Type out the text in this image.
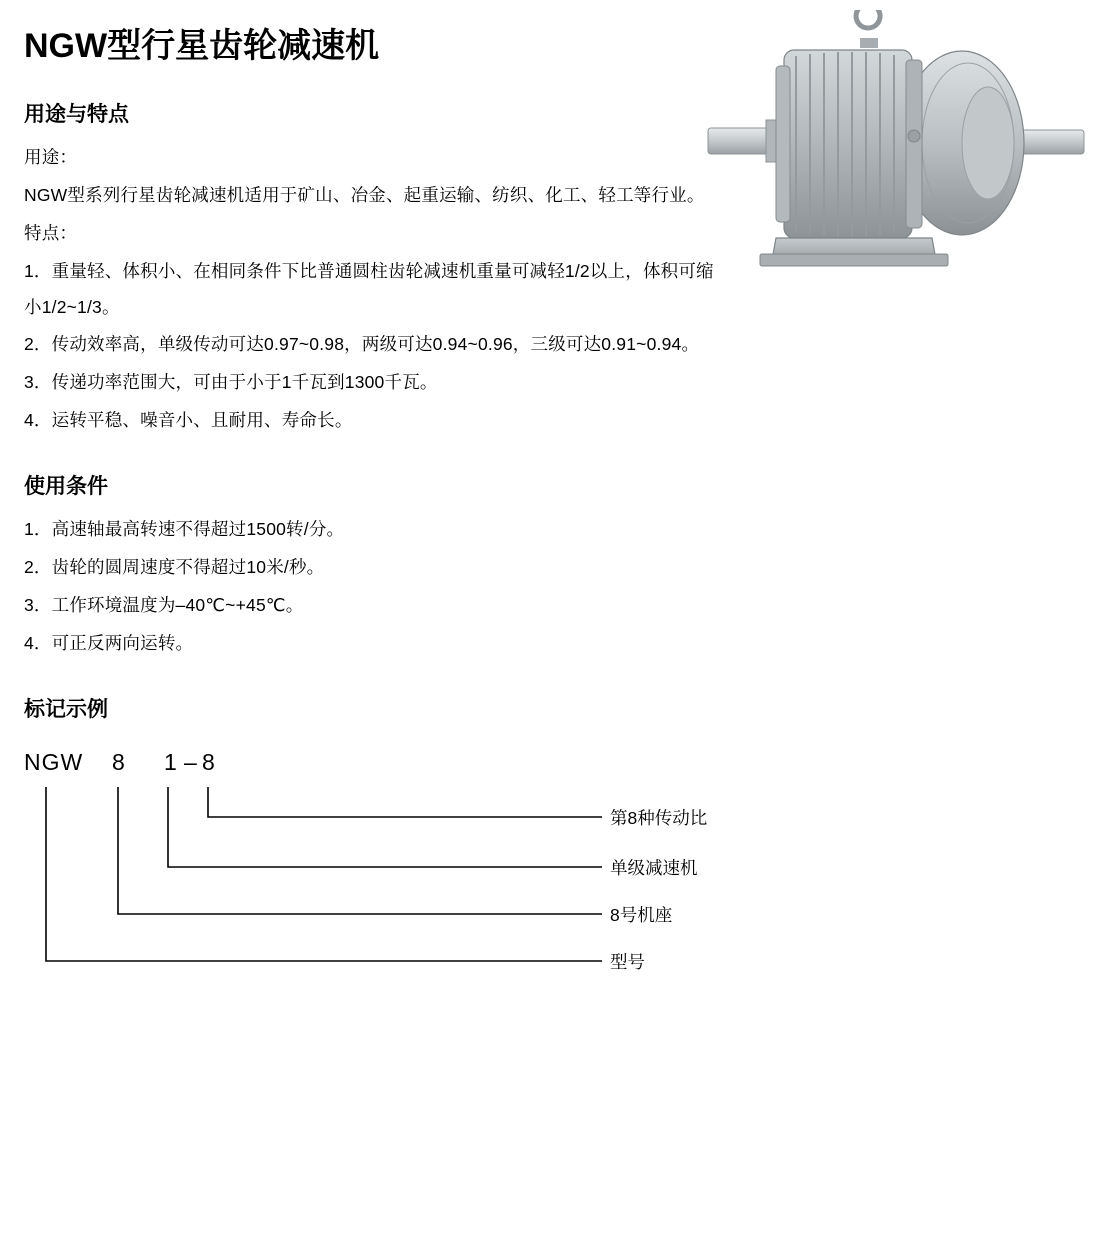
NGW型行星齿轮减速机
用途与特点

用途：

NGW型系列行星齿轮减速机适用于矿山、冶金、起重运输、纺织、化工、轻工等行业。

特点：

1．重量轻、体积小、在相同条件下比普通圆柱齿轮减速机重量可减轻1/2以上，体积可缩小1/2~1/3。

2．传动效率高，单级传动可达0.97~0.98，两级可达0.94~0.96，三级可达0.91~0.94。

3．传递功率范围大，可由于小于1千瓦到1300千瓦。

4．运转平稳、噪音小、且耐用、寿命长。

使用条件

1．高速轴最高转速不得超过1500转/分。

2．齿轮的圆周速度不得超过10米/秒。

3．工作环境温度为–40℃~+45℃。

4．可正反两向运转。

标记示例
NGW 8 1 – 8
第8种传动比
单级减速机
8号机座
型号
